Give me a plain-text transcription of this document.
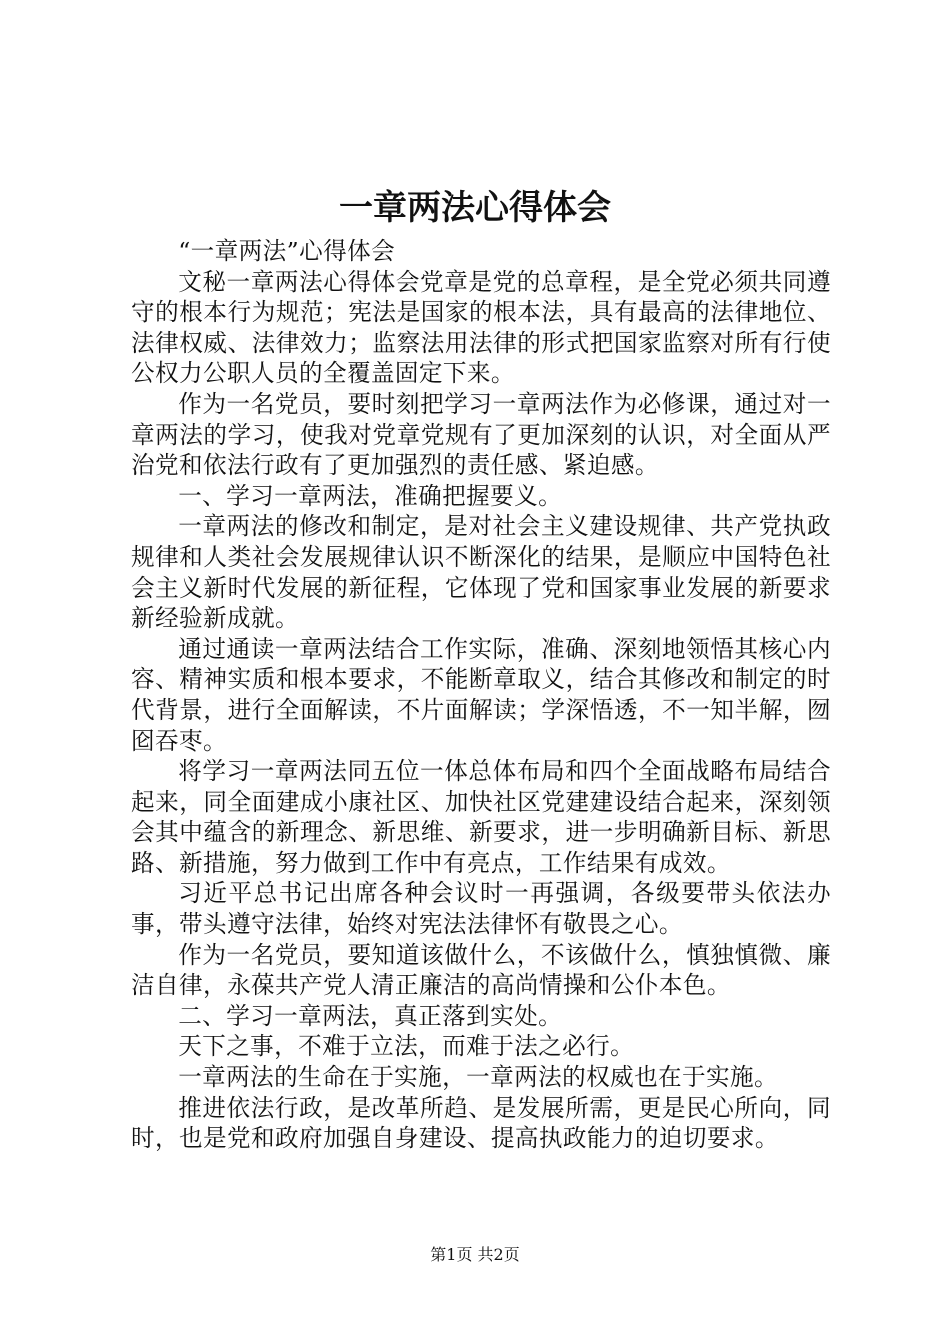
一章两法心得体会

“一章两法”心得体会

文秘一章两法心得体会党章是党的总章程，是全党必须共同遵守的根本行为规范；宪法是国家的根本法，具有最高的法律地位、法律权威、法律效力；监察法用法律的形式把国家监察对所有行使公权力公职人员的全覆盖固定下来。

作为一名党员，要时刻把学习一章两法作为必修课，通过对一章两法的学习，使我对党章党规有了更加深刻的认识，对全面从严治党和依法行政有了更加强烈的责任感、紧迫感。

一、学习一章两法，准确把握要义。

一章两法的修改和制定，是对社会主义建设规律、共产党执政规律和人类社会发展规律认识不断深化的结果，是顺应中国特色社会主义新时代发展的新征程，它体现了党和国家事业发展的新要求新经验新成就。

通过通读一章两法结合工作实际，准确、深刻地领悟其核心内容、精神实质和根本要求，不能断章取义，结合其修改和制定的时代背景，进行全面解读，不片面解读；学深悟透，不一知半解，囫囵吞枣。

将学习一章两法同五位一体总体布局和四个全面战略布局结合起来，同全面建成小康社区、加快社区党建建设结合起来，深刻领会其中蕴含的新理念、新思维、新要求，进一步明确新目标、新思路、新措施，努力做到工作中有亮点，工作结果有成效。

习近平总书记出席各种会议时一再强调，各级要带头依法办事，带头遵守法律，始终对宪法法律怀有敬畏之心。

作为一名党员，要知道该做什么，不该做什么，慎独慎微、廉洁自律，永葆共产党人清正廉洁的高尚情操和公仆本色。

二、学习一章两法，真正落到实处。

天下之事，不难于立法，而难于法之必行。

一章两法的生命在于实施，一章两法的权威也在于实施。

推进依法行政，是改革所趋、是发展所需，更是民心所向，同时，也是党和政府加强自身建设、提高执政能力的迫切要求。

第1页 共2页
